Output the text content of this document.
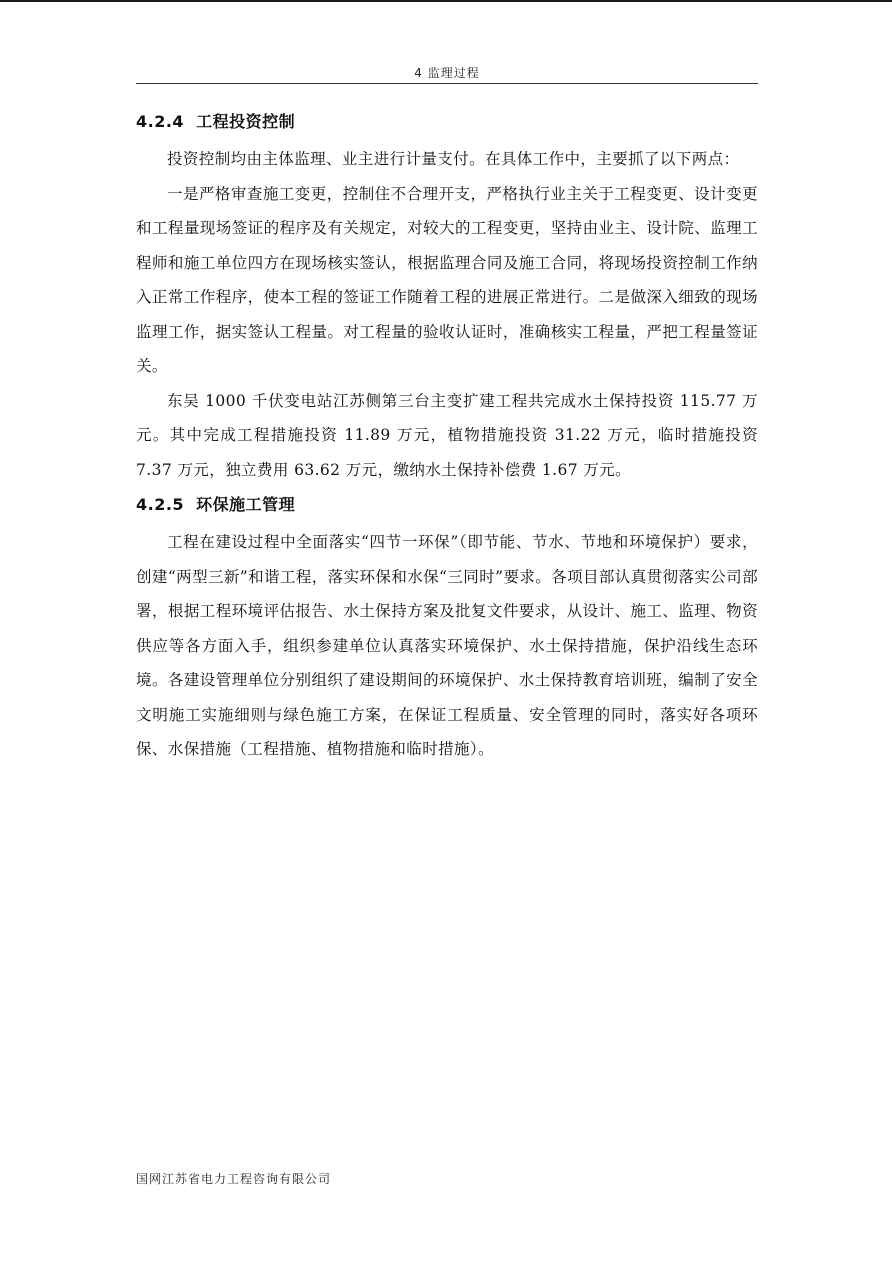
4 监理过程
4.2.4 工程投资控制

投资控制均由主体监理、业主进行计量支付。在具体工作中，主要抓了以下两点：

一是严格审查施工变更，控制住不合理开支，严格执行业主关于工程变更、设计变更和工程量现场签证的程序及有关规定，对较大的工程变更，坚持由业主、设计院、监理工程师和施工单位四方在现场核实签认，根据监理合同及施工合同，将现场投资控制工作纳入正常工作程序，使本工程的签证工作随着工程的进展正常进行。二是做深入细致的现场监理工作，据实签认工程量。对工程量的验收认证时，准确核实工程量，严把工程量签证关。

东吴 1000 千伏变电站江苏侧第三台主变扩建工程共完成水土保持投资 115.77 万元。其中完成工程措施投资 11.89 万元，植物措施投资 31.22 万元，临时措施投资 7.37 万元，独立费用 63.62 万元，缴纳水土保持补偿费 1.67 万元。

4.2.5 环保施工管理

工程在建设过程中全面落实“四节一环保”（即节能、节水、节地和环境保护）要求，创建“两型三新”和谐工程，落实环保和水保“三同时”要求。各项目部认真贯彻落实公司部署，根据工程环境评估报告、水土保持方案及批复文件要求，从设计、施工、监理、物资供应等各方面入手，组织参建单位认真落实环境保护、水土保持措施，保护沿线生态环境。各建设管理单位分别组织了建设期间的环境保护、水土保持教育培训班，编制了安全文明施工实施细则与绿色施工方案，在保证工程质量、安全管理的同时，落实好各项环保、水保措施（工程措施、植物措施和临时措施）。

国网江苏省电力工程咨询有限公司
